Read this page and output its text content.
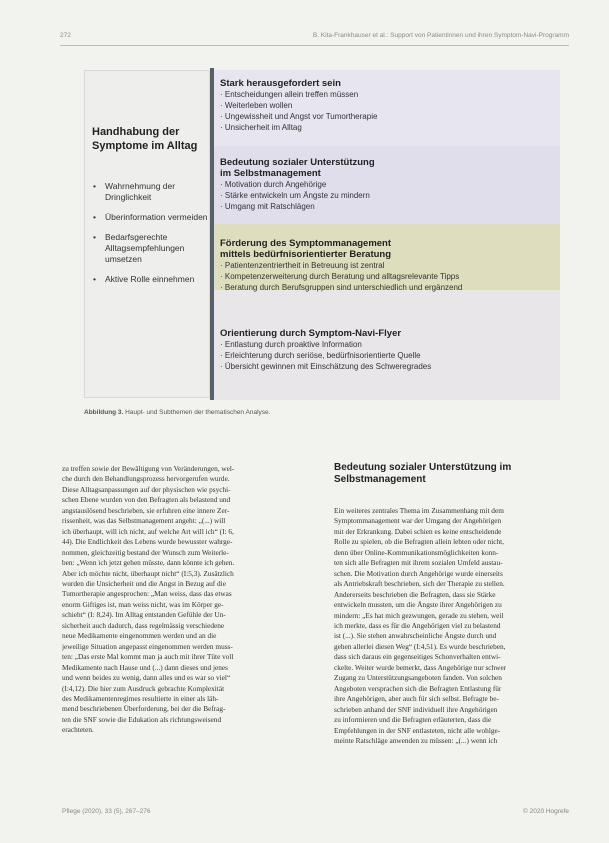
272	B. Kita-Frankhauser et al.: Support von Patientinnen und ihren Symptom-Navi-Programm
Handhabung der Symptome im Alltag
•	Wahrnehmung der Dringlichkeit
•	Überinformation vermeiden
•	Bedarfsgerechte Alltagsempfehlungen umsetzen
•	Aktive Rolle einnehmen
Stark herausgefordert sein
· Entscheidungen allein treffen müssen
· Weiterleben wollen
· Ungewissheit und Angst vor Tumortherapie
· Unsicherheit im Alltag
Bedeutung sozialer Unterstützung
im Selbstmanagement
· Motivation durch Angehörige
· Stärke entwickeln um Ängste zu mindern
· Umgang mit Ratschlägen
Förderung des Symptommanagement
mittels bedürfnisorientierter Beratung
· Patientenzentriertheit in Betreuung ist zentral
· Kompetenzerweiterung durch Beratung und alltagsrelevante Tipps
· Beratung durch Berufsgruppen sind unterschiedlich und ergänzend
Orientierung durch Symptom-Navi-Flyer
· Entlastung durch proaktive Information
· Erleichterung durch seriöse, bedürfnisorientierte Quelle
· Übersicht gewinnen mit Einschätzung des Schweregrades
Abbildung 3. Haupt- und Subthemen der thematischen Analyse.
zu treffen sowie der Bewältigung von Veränderungen, wel-
che durch den Behandlungsprozess hervorgerufen wurde.
Diese Alltagsanpassungen auf der physischen wie psychi-
schen Ebene wurden von den Befragten als belastend und
angstauslösend beschrieben, sie erfuhren eine innere Zer-
rissenheit, was das Selbstmanagement angeht: „(...) will
ich überhaupt, will ich nicht, auf welche Art will ich“ (I: 6,
44). Die Endlichkeit des Lebens wurde bewusster wahrge-
nommen, gleichzeitig bestand der Wunsch zum Weiterle-
ben: „Wenn ich jetzt gehen müsste, dann könnte ich gehen.
Aber ich möchte nicht, überhaupt nicht“ (I:5,3). Zusätzlich
wurden die Unsicherheit und die Angst in Bezug auf die
Tumortherapie angesprochen: „Man weiss, dass das etwas
enorm Giftiges ist, man weiss nicht, was im Körper ge-
schieht“ (I: 8,24). Im Alltag entstanden Gefühle der Un-
sicherheit auch dadurch, dass regelmässig verschiedene
neue Medikamente eingenommen werden und an die
jeweilige Situation angepasst eingenommen werden muss-
ten: „Das erste Mal kommt man ja auch mit ihrer Tüte voll
Medikamente nach Hause und (...) dann dieses und jenes
und wenn beides zu wenig, dann alles und es war so viel“
(I:4,12). Die hier zum Ausdruck gebrachte Komplexität
des Medikamentenregimes resultierte in einer als läh-
mend beschriebenen Überforderung, bei der die Befrag-
ten die SNF sowie die Edukation als richtungsweisend
erachteten.
Bedeutung sozialer Unterstützung im Selbstmanagement
Ein weiteres zentrales Thema im Zusammenhang mit dem
Symptommanagement war der Umgang der Angehörigen
mit der Erkrankung. Dabei schien es keine entscheidende
Rolle zu spielen, ob die Befragten allein lebten oder nicht,
denn über Online-Kommunikationsmöglichkeiten konn-
ten sich alle Befragten mit ihrem sozialen Umfeld austau-
schen. Die Motivation durch Angehörige wurde einerseits
als Antriebskraft beschrieben, sich der Therapie zu stellen.
Andererseits beschrieben die Befragten, dass sie Stärke
entwickeln mussten, um die Ängste ihrer Angehörigen zu
mindern: „Es hat mich gezwungen, gerade zu stehen, weil
ich merkte, dass es für die Angehörigen viel zu belastend
ist (...). Sie stehen anwahrscheinliche Ängste durch und
gehen allerlei diesen Weg“ (I:4,51). Es wurde beschrieben,
dass sich daraus ein gegenseitiges Schonverhalten entwi-
ckelte. Weiter wurde bemerkt, dass Angehörige nur schwer
Zugang zu Unterstützungsangeboten fanden. Von solchen
Angeboten versprachen sich die Befragten Entlastung für
ihre Angehörigen, aber auch für sich selbst. Befragte be-
schrieben anhand der SNF individuell ihre Angehörigen
zu informieren und die Befragten erläuterten, dass die
Empfehlungen in der SNF entlasteten, nicht alle wohlge-
meinte Ratschläge anwenden zu müssen: „(...) wenn ich
Pflege (2020), 33 (5), 267–276	© 2020 Hogrefe
